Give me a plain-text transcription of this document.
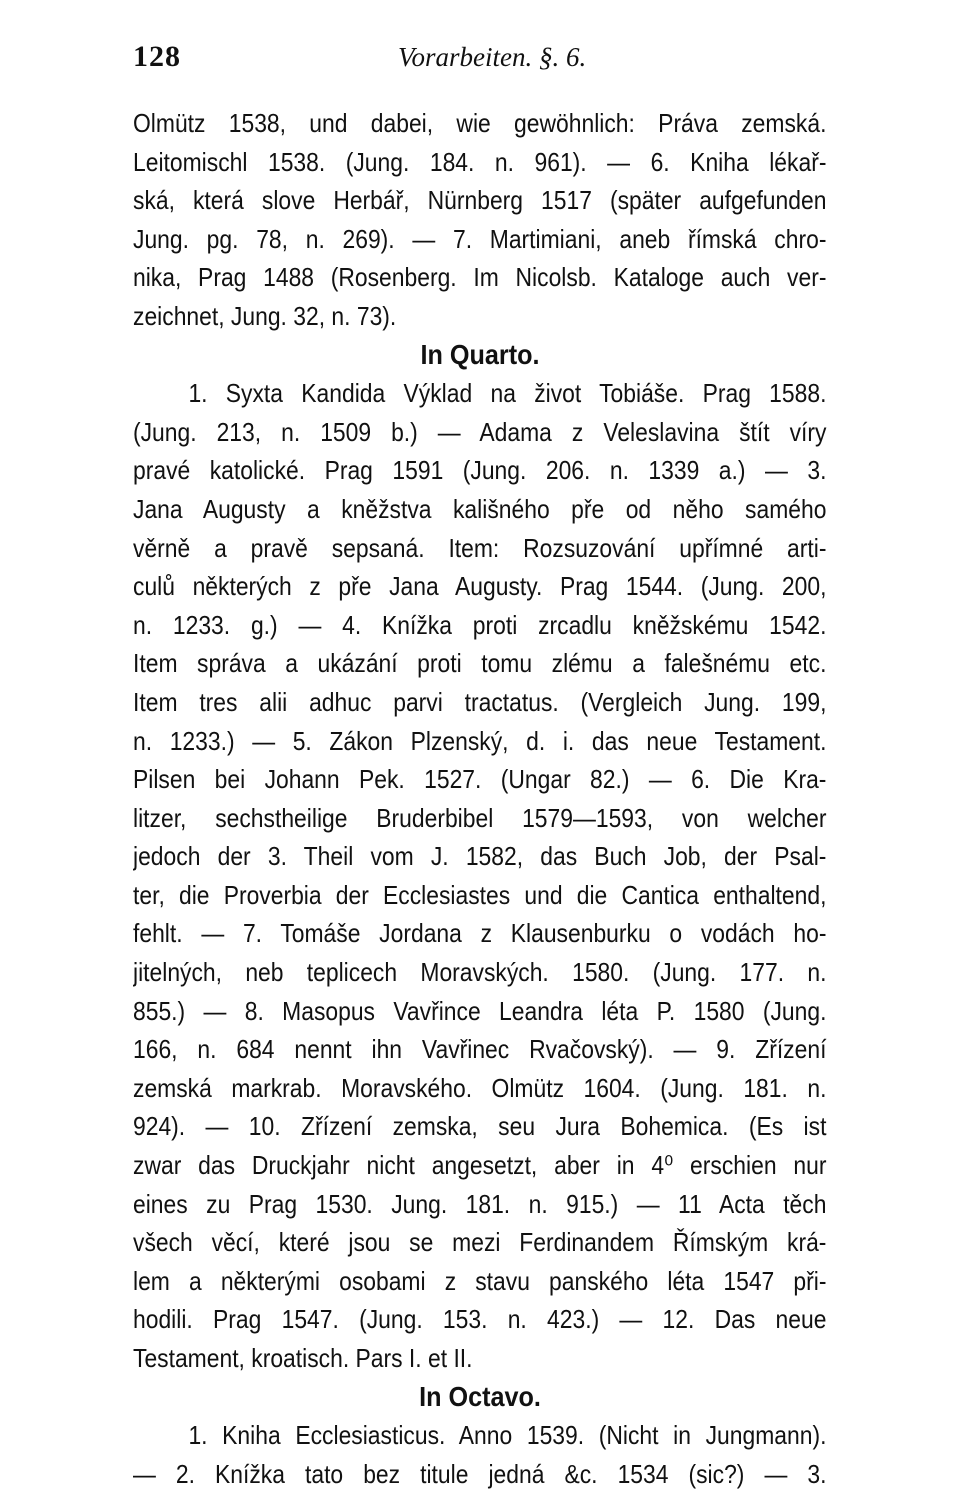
128	Vorarbeiten. §. 6.
Olmütz 1538, und dabei, wie gewöhnlich: Práva zemská.
Leitomischl 1538. (Jung. 184. n. 961). — 6. Kniha lékař-
ská, která slove Herbář, Nürnberg 1517 (später aufgefunden
Jung. pg. 78, n. 269). — 7. Martimiani, aneb římská chro-
nika, Prag 1488 (Rosenberg. Im Nicolsb. Kataloge auch ver-
zeichnet, Jung. 32, n. 73).
In Quarto.
1. Syxta Kandida Výklad na život Tobiáše. Prag 1588.
(Jung. 213, n. 1509 b.) — Adama z Veleslavina štít víry
pravé katolické. Prag 1591 (Jung. 206. n. 1339 a.) — 3.
Jana Augusty a kněžstva kališného pře od něho samého
věrně a pravě sepsaná. Item: Rozsuzování upřímné arti-
culů některých z pře Jana Augusty. Prag 1544. (Jung. 200,
n. 1233. g.) — 4. Knížka proti zrcadlu kněžskému 1542.
Item správa a ukázání proti tomu zlému a falešnému etc.
Item tres alii adhuc parvi tractatus. (Vergleich Jung. 199,
n. 1233.) — 5. Zákon Plzenský, d. i. das neue Testament.
Pilsen bei Johann Pek. 1527. (Ungar 82.) — 6. Die Kra-
litzer, sechstheilige Bruderbibel 1579—1593, von welcher
jedoch der 3. Theil vom J. 1582, das Buch Job, der Psal-
ter, die Proverbia der Ecclesiastes und die Cantica enthaltend,
fehlt. — 7. Tomáše Jordana z Klausenburku o vodách ho-
jitelných, neb teplicech Moravských. 1580. (Jung. 177. n.
855.) — 8. Masopus Vavřince Leandra léta P. 1580 (Jung.
166, n. 684 nennt ihn Vavřinec Rvačovský). — 9. Zřízení
zemská markrab. Moravského. Olmütz 1604. (Jung. 181. n.
924). — 10. Zřízení zemska, seu Jura Bohemica. (Es ist
zwar das Druckjahr nicht angesetzt, aber in 4⁰ erschien nur
eines zu Prag 1530. Jung. 181. n. 915.) — 11 Acta těch
všech věcí, které jsou se mezi Ferdinandem Římským krá-
lem a některými osobami z stavu panského léta 1547 při-
hodili. Prag 1547. (Jung. 153. n. 423.) — 12. Das neue
Testament, kroatisch. Pars I. et II.
In Octavo.
1. Kniha Ecclesiasticus. Anno 1539. (Nicht in Jungmann).
— 2. Knížka tato bez titule jedná &c. 1534 (sic?) — 3.
